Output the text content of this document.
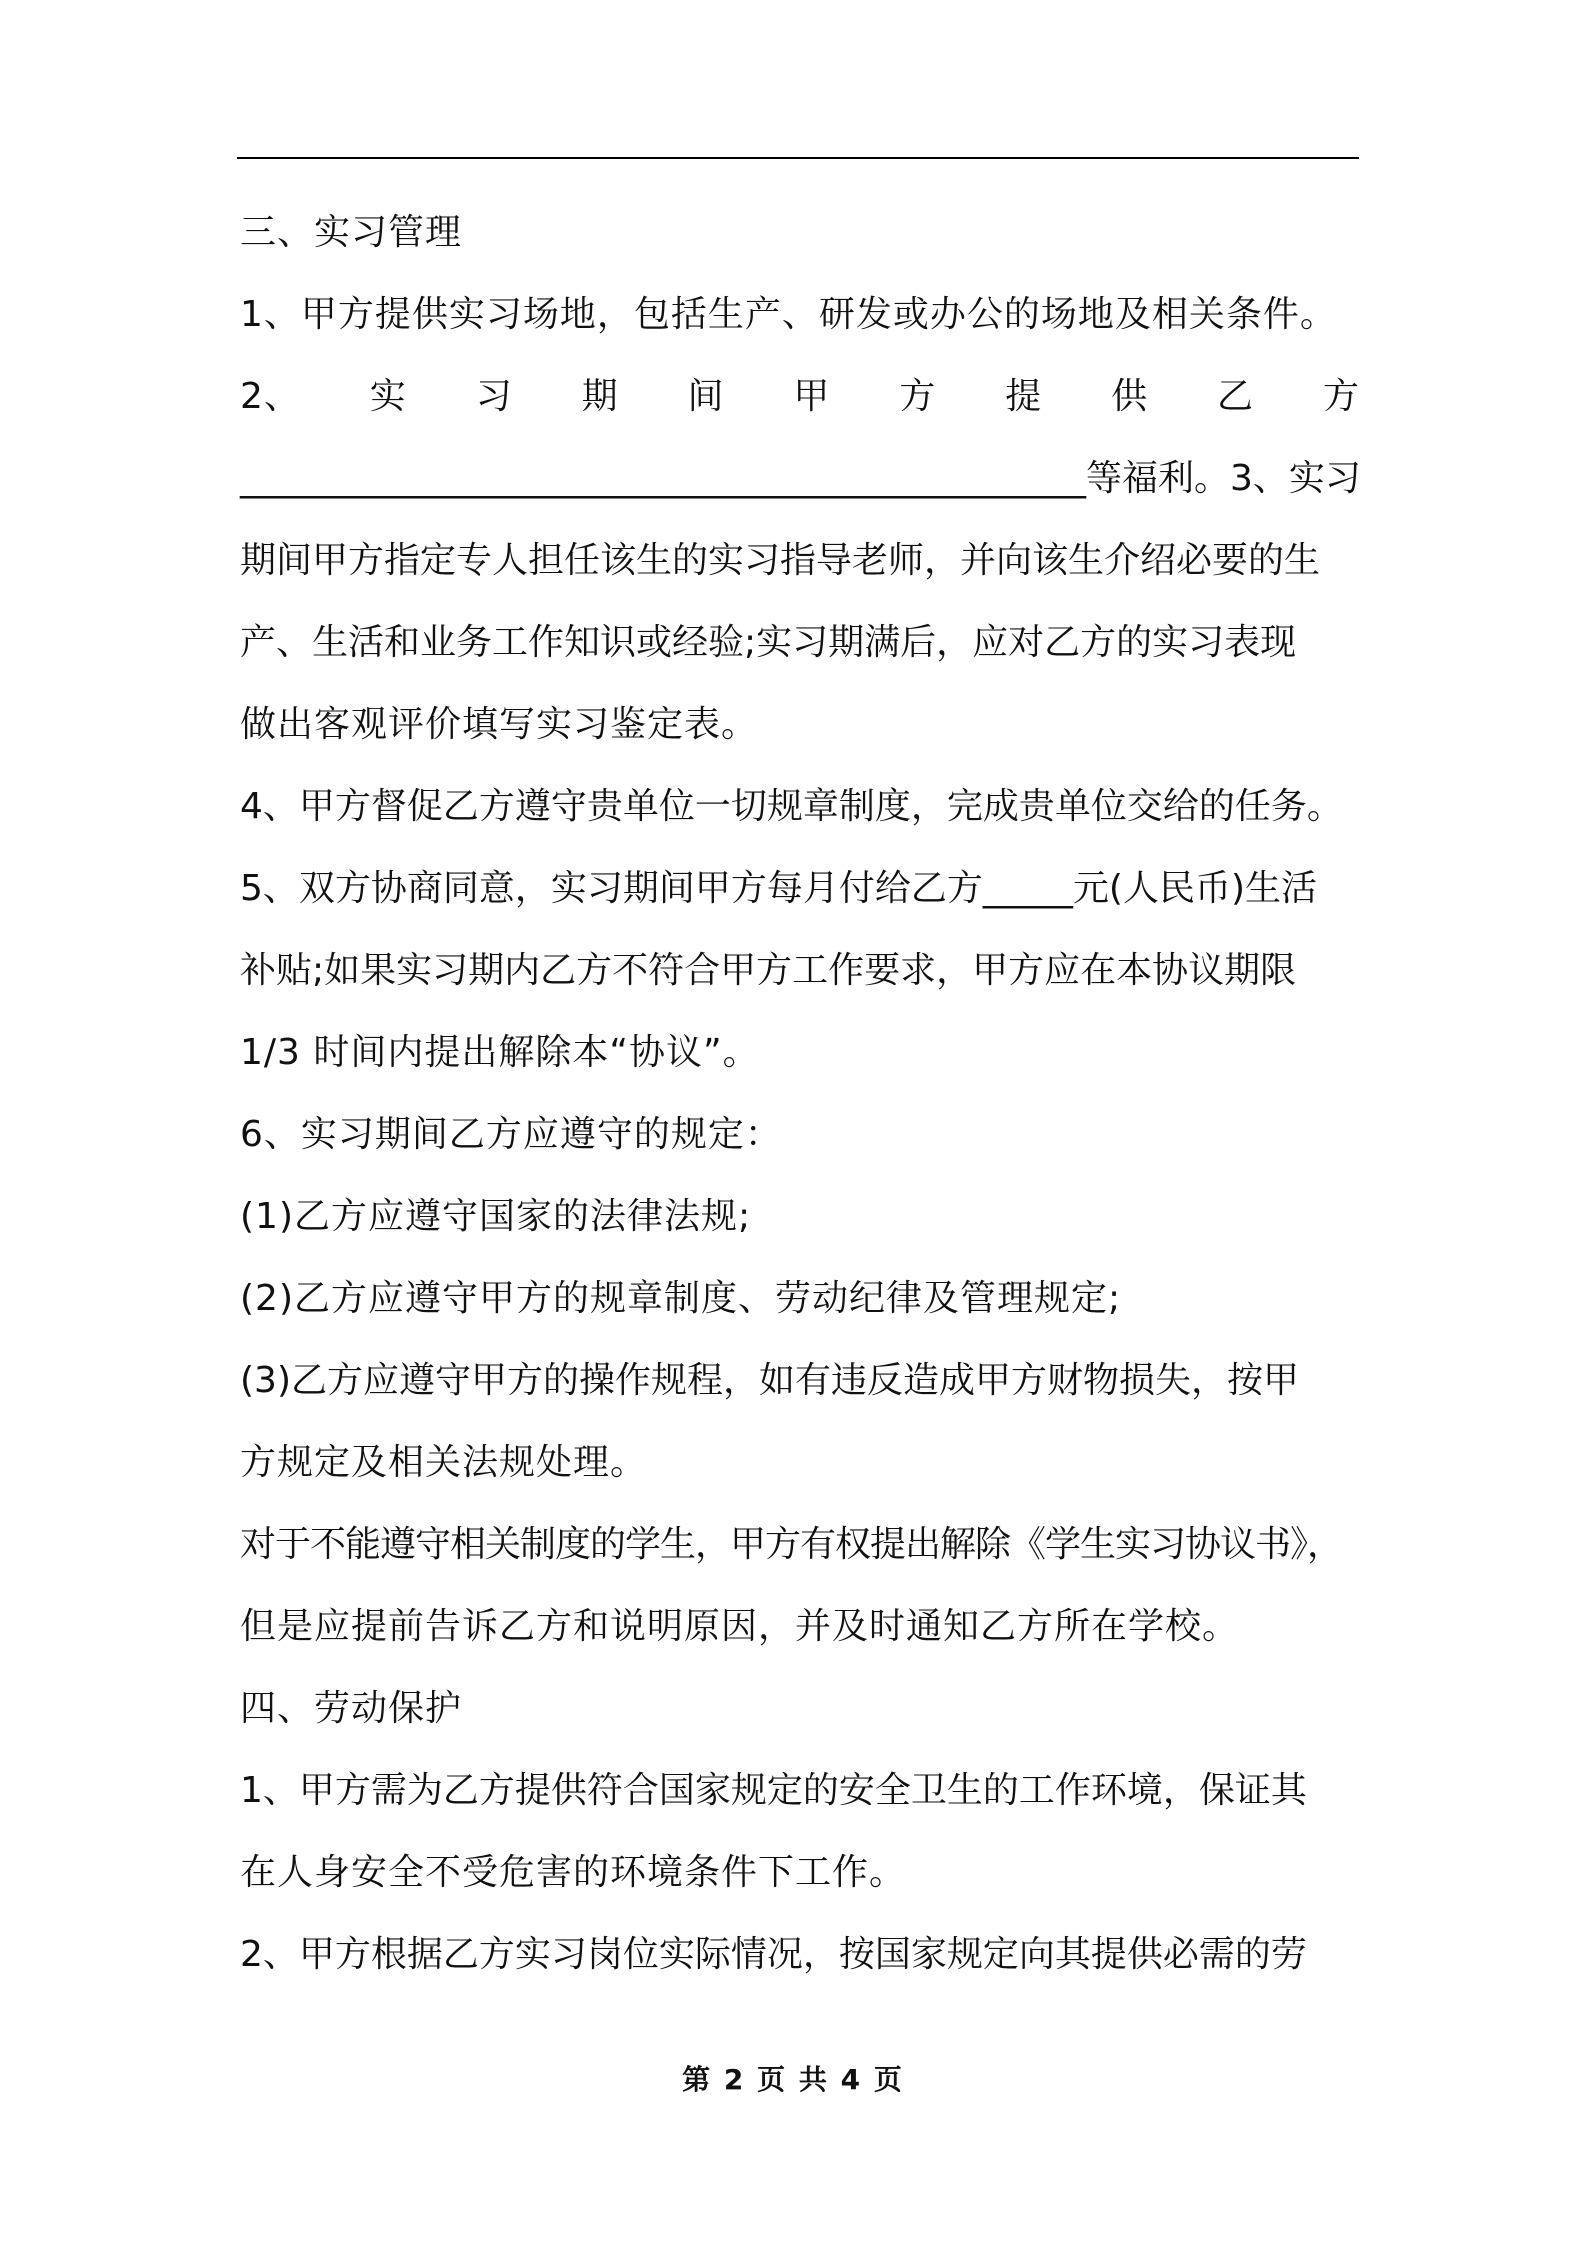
三、实习管理
1、甲方提供实习场地，包括生产、研发或办公的场地及相关条件。
2、 实 习 期 间 甲 方 提 供 乙 方
_______________________________________________等福利。3、实习
期间甲方指定专人担任该生的实习指导老师，并向该生介绍必要的生
产、生活和业务工作知识或经验;实习期满后，应对乙方的实习表现
做出客观评价填写实习鉴定表。
4、甲方督促乙方遵守贵单位一切规章制度，完成贵单位交给的任务。
5、双方协商同意，实习期间甲方每月付给乙方_____元(人民币)生活
补贴;如果实习期内乙方不符合甲方工作要求，甲方应在本协议期限
1/3 时间内提出解除本“协议”。
6、实习期间乙方应遵守的规定：
(1)乙方应遵守国家的法律法规;
(2)乙方应遵守甲方的规章制度、劳动纪律及管理规定;
(3)乙方应遵守甲方的操作规程，如有违反造成甲方财物损失，按甲
方规定及相关法规处理。
对于不能遵守相关制度的学生，甲方有权提出解除《学生实习协议书》，
但是应提前告诉乙方和说明原因，并及时通知乙方所在学校。
四、劳动保护
1、甲方需为乙方提供符合国家规定的安全卫生的工作环境，保证其
在人身安全不受危害的环境条件下工作。
2、甲方根据乙方实习岗位实际情况，按国家规定向其提供必需的劳
第 2 页 共 4 页
